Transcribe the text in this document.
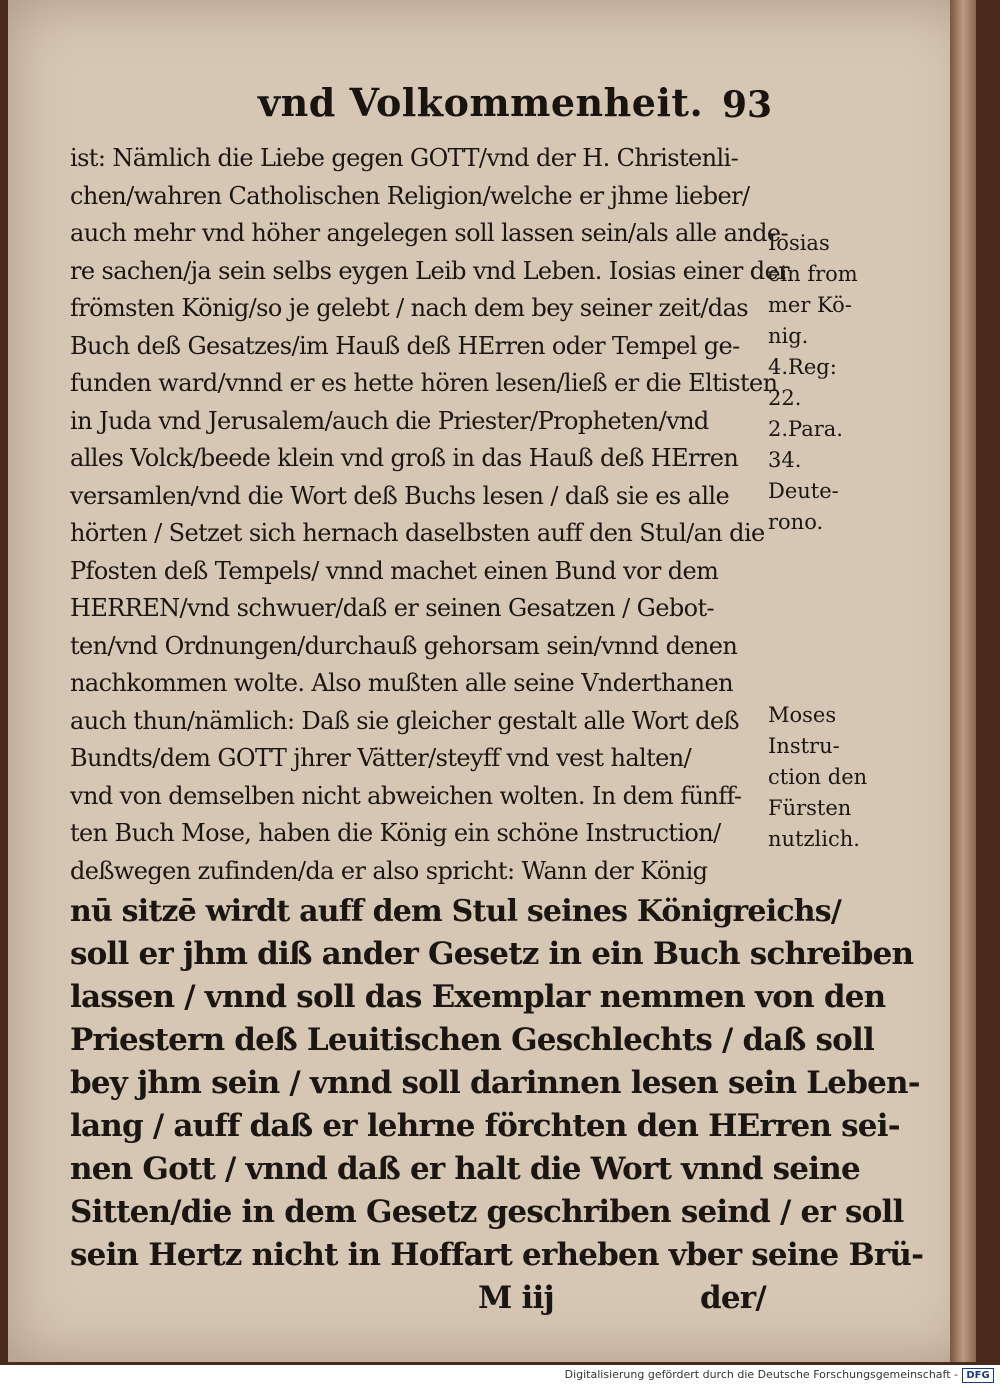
vnd Volkommenheit. 93
ist: Nämlich die Liebe gegen GOTT/vnd der H. Christenli-
chen/wahren Catholischen Religion/welche er jhme lieber/
auch mehr vnd höher angelegen soll lassen sein/als alle ande-
re sachen/ja sein selbs eygen Leib vnd Leben. Iosias einer der
frömsten König/so je gelebt / nach dem bey seiner zeit/das
Buch deß Gesatzes/im Hauß deß HErren oder Tempel ge-
funden ward/vnnd er es hette hören lesen/ließ er die Eltisten
in Juda vnd Jerusalem/auch die Priester/Propheten/vnd
alles Volck/beede klein vnd groß in das Hauß deß HErren
versamlen/vnd die Wort deß Buchs lesen / daß sie es alle
hörten / Setzet sich hernach daselbsten auff den Stul/an die
Pfosten deß Tempels/ vnnd machet einen Bund vor dem
HERREN/vnd schwuer/daß er seinen Gesatzen / Gebot-
ten/vnd Ordnungen/durchauß gehorsam sein/vnnd denen
nachkommen wolte. Also mußten alle seine Vnderthanen
auch thun/nämlich: Daß sie gleicher gestalt alle Wort deß
Bundts/dem GOTT jhrer Vätter/steyff vnd vest halten/
vnd von demselben nicht abweichen wolten. In dem fünff-
ten Buch Mose, haben die König ein schöne Instruction/
deßwegen zufinden/da er also spricht: Wann der König
nū sitzē wirdt auff dem Stul seines Königreichs/
soll er jhm diß ander Gesetz in ein Buch schreiben
lassen / vnnd soll das Exemplar nemmen von den
Priestern deß Leuitischen Geschlechts / daß soll
bey jhm sein / vnnd soll darinnen lesen sein Leben-
lang / auff daß er lehrne förchten den HErren sei-
nen Gott / vnnd daß er halt die Wort vnnd seine
Sitten/die in dem Gesetz geschriben seind / er soll
sein Hertz nicht in Hoffart erheben vber seine Brü-
M iij	der/
Iosias
ein from
mer Kö-
nig.
4.Reg:
22.
2.Para.
34.
Deute-
rono.
Moses
Instru-
ction den
Fürsten
nutzlich.
Digitalisierung gefördert durch die Deutsche Forschungsgemeinschaft - DFG
